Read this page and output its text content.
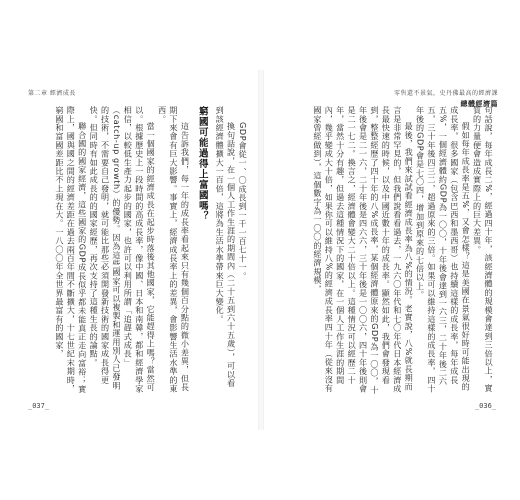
第二章 經濟成長

GDP會從一、〇成長到一千一百七十一。

換句話說，在一個人工作生涯的期間內（二十五到六十五歲），可以看到該經濟體擴大一百倍，這將為生活水準帶來巨大變化。

窮國可能過得上富國嗎？

這告訴我們，每一年的成長率看起來只有幾個百分點的微小差異，但長期下來會有巨大影響。事實上，經濟成長率上的差異，會影響生活水準的東西。

當一個國家的經濟成長在起步時落後其他國家，它能趕得上嗎？當然可以。根據歷史上一段時間的高成長率，像中國、日本和南韓，都和經濟學家相信，以較低生產力起步的國家，也許可以利用所謂「追趕式成長」（catch-up growth）的優勢。因為這些國家可以複製和運用別人已發明的技術，不需要自己發明，就可能比那些必須開發新技術的國家成長得更快。但同時有如此成長的的國家經歷，再次支持了這種生長的論點。

聯合國的國家經濟，這些國家的GDP成長似乎都未能真正走向富裕；實際上，國與國之間的經濟差距在過去兩百年間不斷擴大，十七世紀末期時，窮國和富國差距比不上現在大。一八〇〇年全世界最富有的國家，

_037_
零售還不景氣，史丹佛最高的經濟課
總體經濟篇

句話說，每年成長二%，經過四十年，該經濟體的規模會達到三倍以上，實質的力量便會造成實際上的巨大差異。

假如每年成長率是五%，又會怎樣？這是美國在景氣很好時可能出現的成長率，很多國家（包含巴西和墨西哥）也持續這樣的成長率，每年成長五%，一個經濟體約GDP為一〇〇，十年後會達到一六三，二十年後二六五，三十年後四三二，超過原來的三倍。如果可以維持這樣的成長率，四十年後的GDP會是七〇四，增加到原來的七倍以上。

最後，我們來試試看經濟成長率為八%的情況。老實說，八%就長期而言是非常罕見的，但我們說看看過去，一九六〇年代和七〇年代日本經濟成長最快速的時候，以及中國近數十年的成長率。顯然如此，我們會發現看到，整整經歷了四十年的八%成長率，某個經濟體原來的GDP為一〇〇，十年後會是二一六，二十年後是四六六，三十年後是一〇〇六，四十年後則會是二一七二。換言之，經濟體會變大二十倍以上。這種情況可以經歷二十年，當然十分有趣，但過去這種情況下的國家，在一個人工作生涯的期間內，幾乎變成大十倍，如果你可以維持八%的經濟成長率四十年（從來沒有國家曾經做到），這個數字為一〇〇的經濟規模，

_036_
